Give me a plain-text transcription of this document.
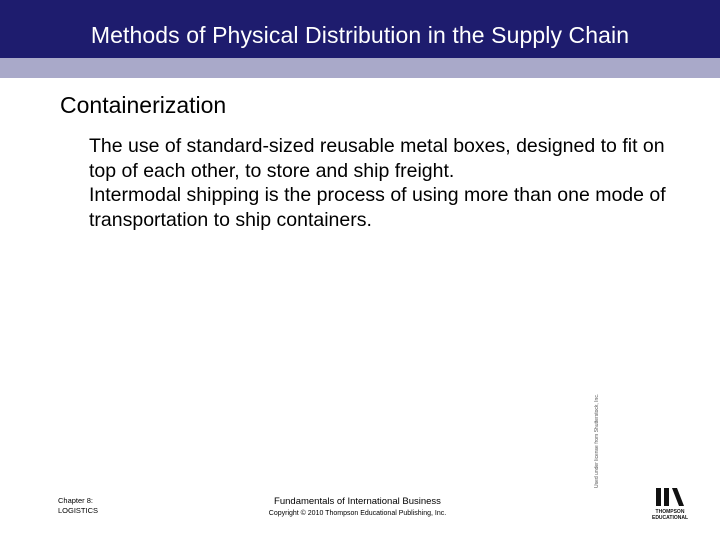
Methods of Physical Distribution in the Supply Chain
Containerization

The use of standard-sized reusable metal boxes, designed to fit on top of each other, to store and ship freight.

Intermodal shipping is the process of using more than one mode of transportation to ship containers.

Used under license from Shutterstock, Inc.
Chapter 8:
LOGISTICS
Fundamentals of International Business
Copyright © 2010 Thompson Educational Publishing, Inc.	THOMPSON
EDUCATIONAL
